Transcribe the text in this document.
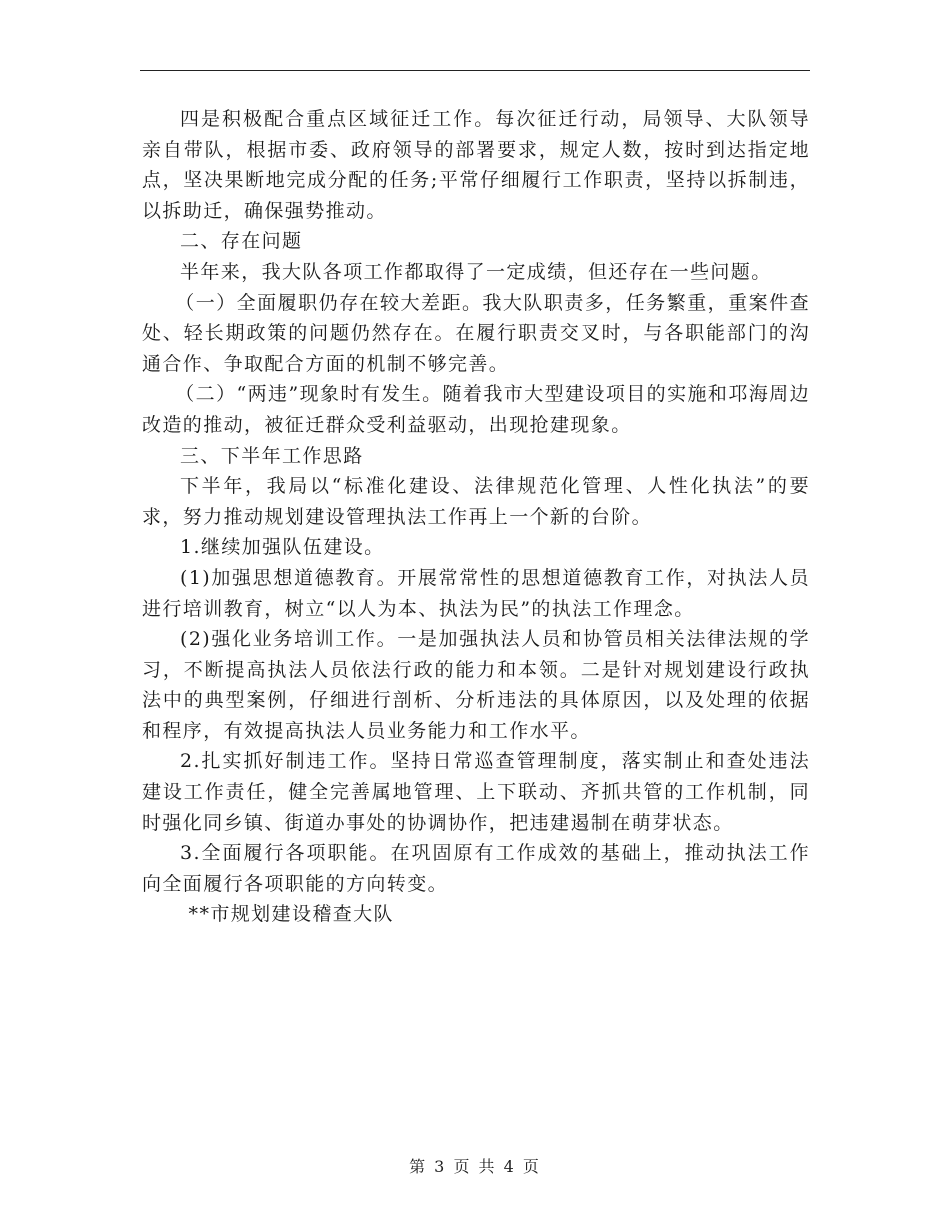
四是积极配合重点区域征迁工作。每次征迁行动，局领导、大队领导亲自带队，根据市委、政府领导的部署要求，规定人数，按时到达指定地点，坚决果断地完成分配的任务;平常仔细履行工作职责，坚持以拆制违，以拆助迁，确保强势推动。

二、存在问题

半年来，我大队各项工作都取得了一定成绩，但还存在一些问题。

（一）全面履职仍存在较大差距。我大队职责多，任务繁重，重案件查处、轻长期政策的问题仍然存在。在履行职责交叉时，与各职能部门的沟通合作、争取配合方面的机制不够完善。

（二）“两违”现象时有发生。随着我市大型建设项目的实施和邛海周边改造的推动，被征迁群众受利益驱动，出现抢建现象。

三、下半年工作思路

下半年，我局以“标准化建设、法律规范化管理、人性化执法”的要求，努力推动规划建设管理执法工作再上一个新的台阶。

1.继续加强队伍建设。

(1)加强思想道德教育。开展常常性的思想道德教育工作，对执法人员进行培训教育，树立“以人为本、执法为民”的执法工作理念。

(2)强化业务培训工作。一是加强执法人员和协管员相关法律法规的学习，不断提高执法人员依法行政的能力和本领。二是针对规划建设行政执法中的典型案例，仔细进行剖析、分析违法的具体原因，以及处理的依据和程序，有效提高执法人员业务能力和工作水平。

2.扎实抓好制违工作。坚持日常巡查管理制度，落实制止和查处违法建设工作责任，健全完善属地管理、上下联动、齐抓共管的工作机制，同时强化同乡镇、街道办事处的协调协作，把违建遏制在萌芽状态。

3.全面履行各项职能。在巩固原有工作成效的基础上，推动执法工作向全面履行各项职能的方向转变。

**市规划建设稽查大队

第 3 页 共 4 页
